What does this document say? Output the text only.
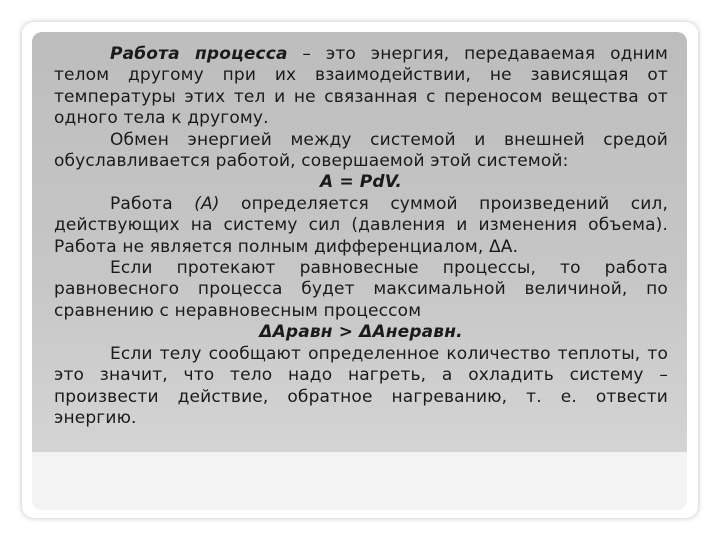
Работа процесса – это энергия, передаваемая одним телом другому при их взаимодействии, не зависящая от температуры этих тел и не связанная с переносом вещества от одного тела к другому.

Обмен энергией между системой и внешней средой обуславливается работой, совершаемой этой системой:

A = PdV.

Работа (А) определяется суммой произведений сил, действующих на систему сил (давления и изменения объема). Работа не является полным дифференциалом, ΔА.

Если протекают равновесные процессы, то работа равновесного процесса будет максимальной величиной, по сравнению с неравновесным процессом

ΔАравн > ΔАнеравн.

Если телу сообщают определенное количество теплоты, то это значит, что тело надо нагреть, а охладить систему – произвести действие, обратное нагреванию, т. е. отвести энергию.
